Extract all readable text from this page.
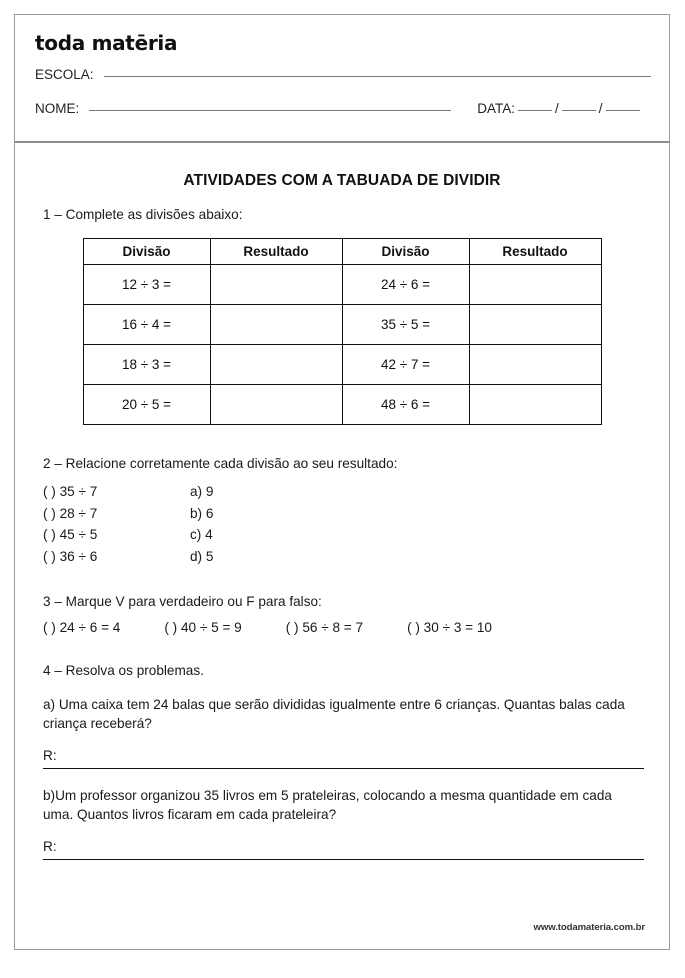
toda matēria
ESCOLA:
NOME:	DATA:	/	/
ATIVIDADES COM A TABUADA DE DIVIDIR
1 – Complete as divisões abaixo:
Divisão	Resultado	Divisão	Resultado
12 ÷ 3 =		24 ÷ 6 =	
16 ÷ 4 =		35 ÷ 5 =	
18 ÷ 3 =		42 ÷ 7 =	
20 ÷ 5 =		48 ÷ 6 =	
2 – Relacione corretamente cada divisão ao seu resultado:
( ) 35 ÷ 7	a) 9
( ) 28 ÷ 7	b) 6
( ) 45 ÷ 5	c) 4
( ) 36 ÷ 6	d) 5
3 – Marque V para verdadeiro ou F para falso:
( ) 24 ÷ 6 = 4	( ) 40 ÷ 5 = 9	( ) 56 ÷ 8 = 7	( ) 30 ÷ 3 = 10
4 – Resolva os problemas.
a) Uma caixa tem 24 balas que serão divididas igualmente entre 6 crianças. Quantas balas cada criança receberá?
R:
b)Um professor organizou 35 livros em 5 prateleiras, colocando a mesma quantidade em cada uma. Quantos livros ficaram em cada prateleira?
R:
www.todamateria.com.br
